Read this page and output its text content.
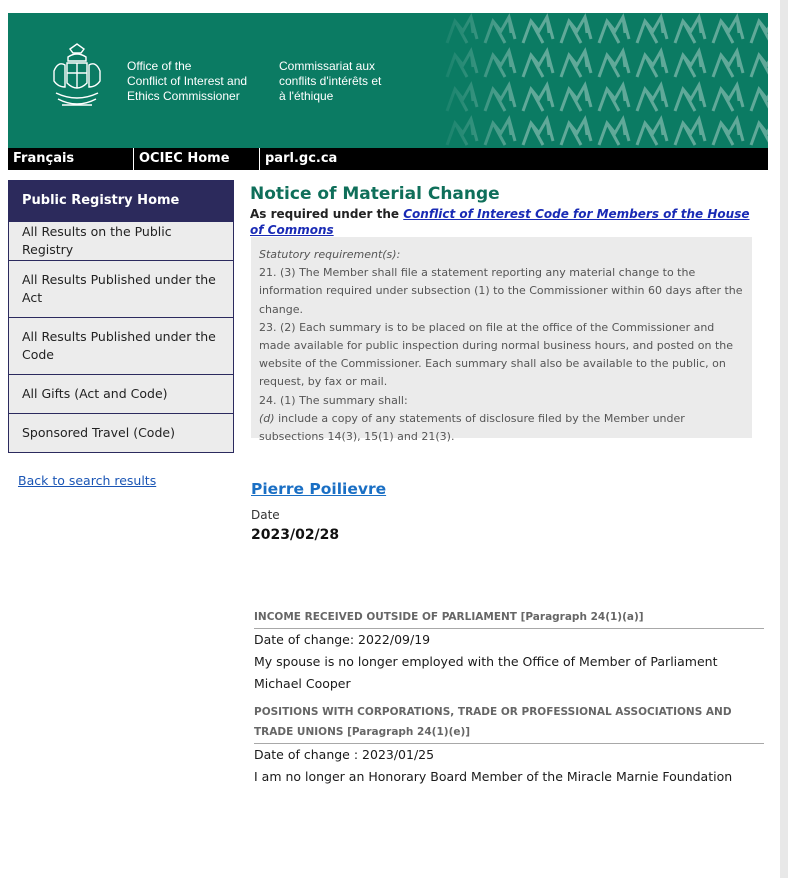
Office of the
Conflict of Interest and
Ethics Commissioner
Commissariat aux
conflits d'intérêts et
à l'éthique
Français	OCIEC Home	parl.gc.ca
Public Registry Home
All Results on the Public Registry
All Results Published under the Act
All Results Published under the Code
All Gifts (Act and Code)
Sponsored Travel (Code)
Back to search results
Notice of Material Change
As required under the Conflict of Interest Code for Members of the House of Commons
Statutory requirement(s):
21. (3) The Member shall file a statement reporting any material change to the information required under subsection (1) to the Commissioner within 60 days after the change.
23. (2) Each summary is to be placed on file at the office of the Commissioner and made available for public inspection during normal business hours, and posted on the website of the Commissioner. Each summary shall also be available to the public, on request, by fax or mail.
24. (1) The summary shall:
(d) include a copy of any statements of disclosure filed by the Member under subsections 14(3), 15(1) and 21(3).
Pierre Poilievre
Date
2023/02/28
INCOME RECEIVED OUTSIDE OF PARLIAMENT [Paragraph 24(1)(a)]
Date of change: 2022/09/19
My spouse is no longer employed with the Office of Member of Parliament Michael Cooper
POSITIONS WITH CORPORATIONS, TRADE OR PROFESSIONAL ASSOCIATIONS AND TRADE UNIONS [Paragraph 24(1)(e)]
Date of change : 2023/01/25
I am no longer an Honorary Board Member of the Miracle Marnie Foundation
